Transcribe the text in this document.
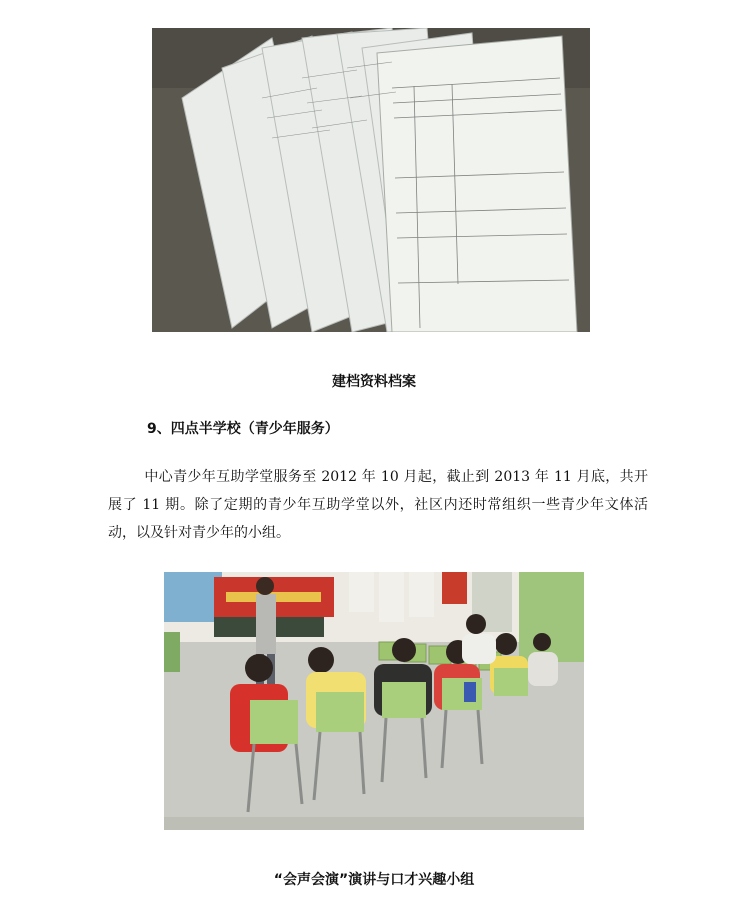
建档资料档案
9、四点半学校（青少年服务）
中心青少年互助学堂服务至 2012 年 10 月起，截止到 2013 年 11 月底，共开展了 11 期。除了定期的青少年互助学堂以外，社区内还时常组织一些青少年文体活动，以及针对青少年的小组。
“会声会演”演讲与口才兴趣小组
